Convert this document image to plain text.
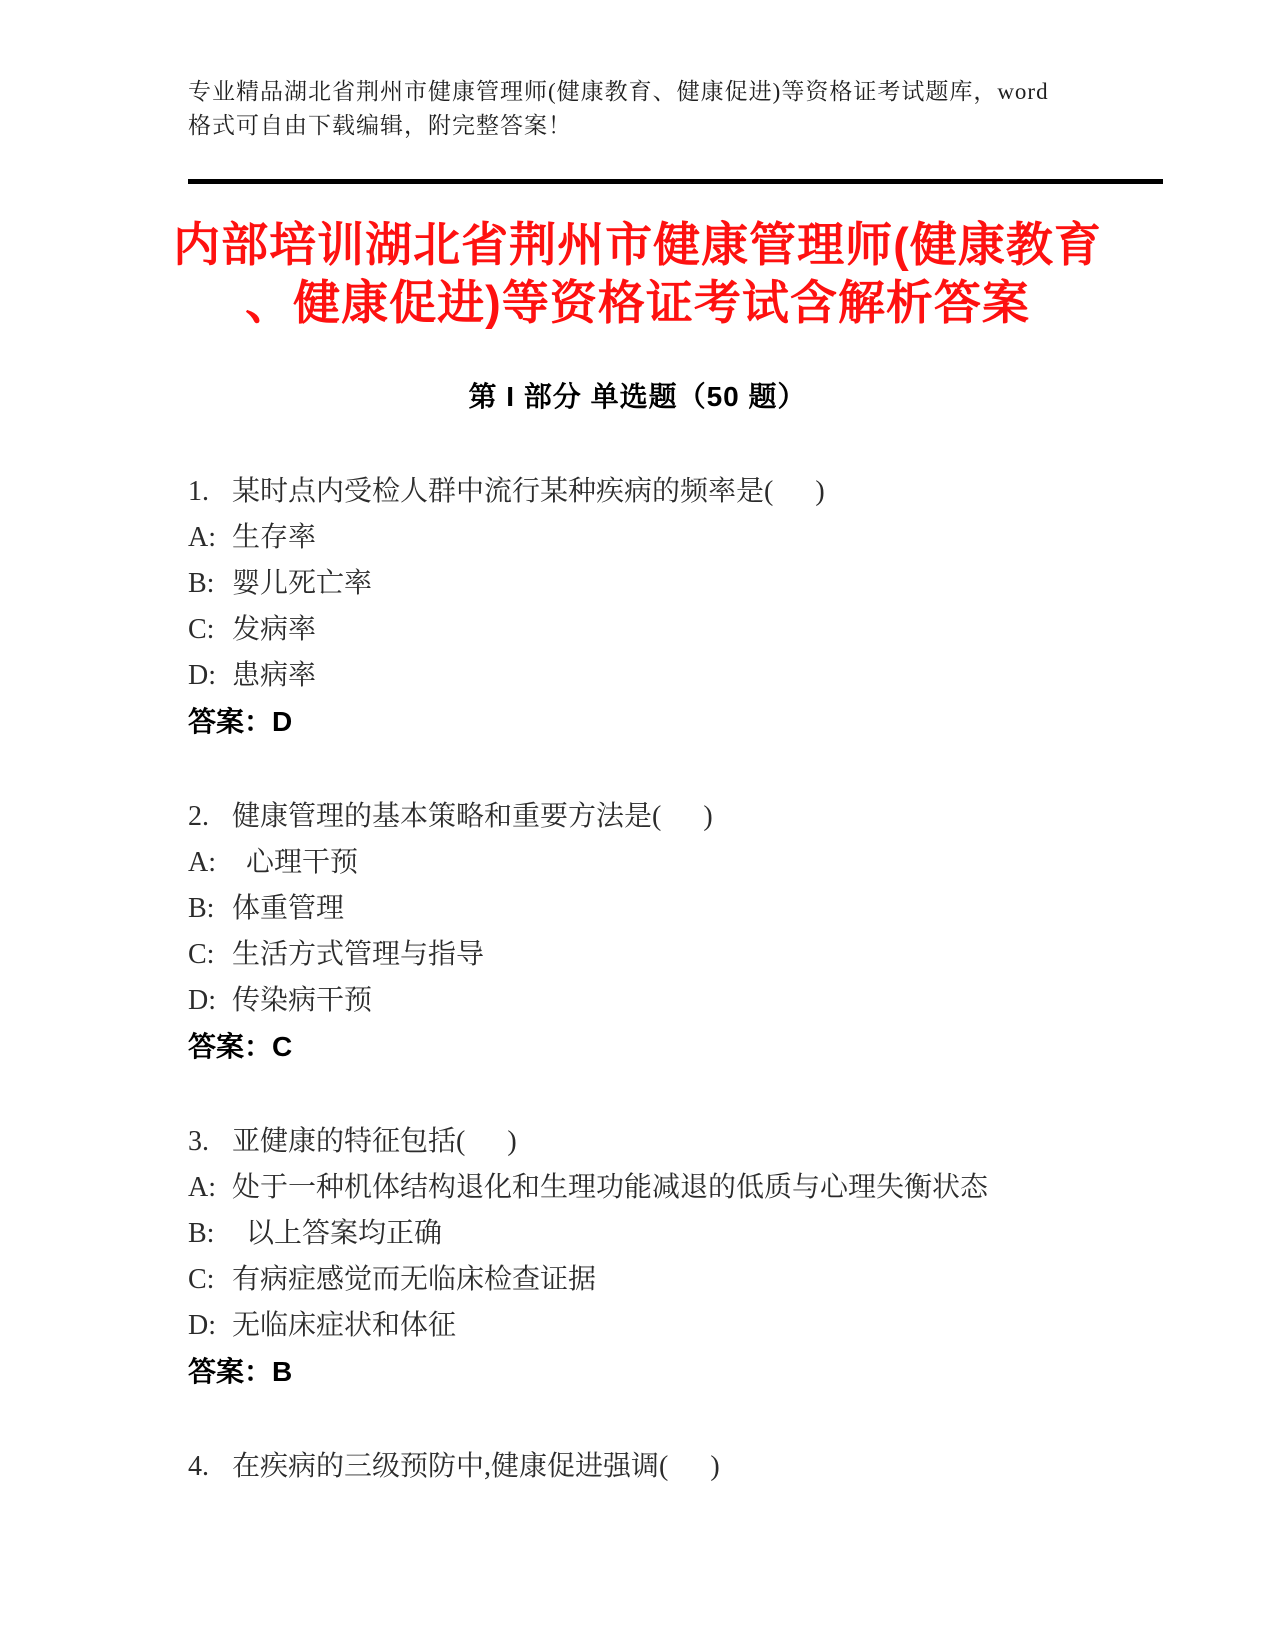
专业精品湖北省荆州市健康管理师(健康教育、健康促进)等资格证考试题库，word
格式可自由下载编辑，附完整答案！
内部培训湖北省荆州市健康管理师(健康教育
、健康促进)等资格证考试含解析答案
第 I 部分 单选题（50 题）
1. 某时点内受检人群中流行某种疾病的频率是(      )
A: 生存率
B: 婴儿死亡率
C: 发病率
D: 患病率
答案：D
2. 健康管理的基本策略和重要方法是(      )
A:  心理干预
B: 体重管理
C: 生活方式管理与指导
D: 传染病干预
答案：C
3. 亚健康的特征包括(      )
A: 处于一种机体结构退化和生理功能减退的低质与心理失衡状态
B:  以上答案均正确
C: 有病症感觉而无临床检查证据
D: 无临床症状和体征
答案：B
4. 在疾病的三级预防中,健康促进强调(      )
